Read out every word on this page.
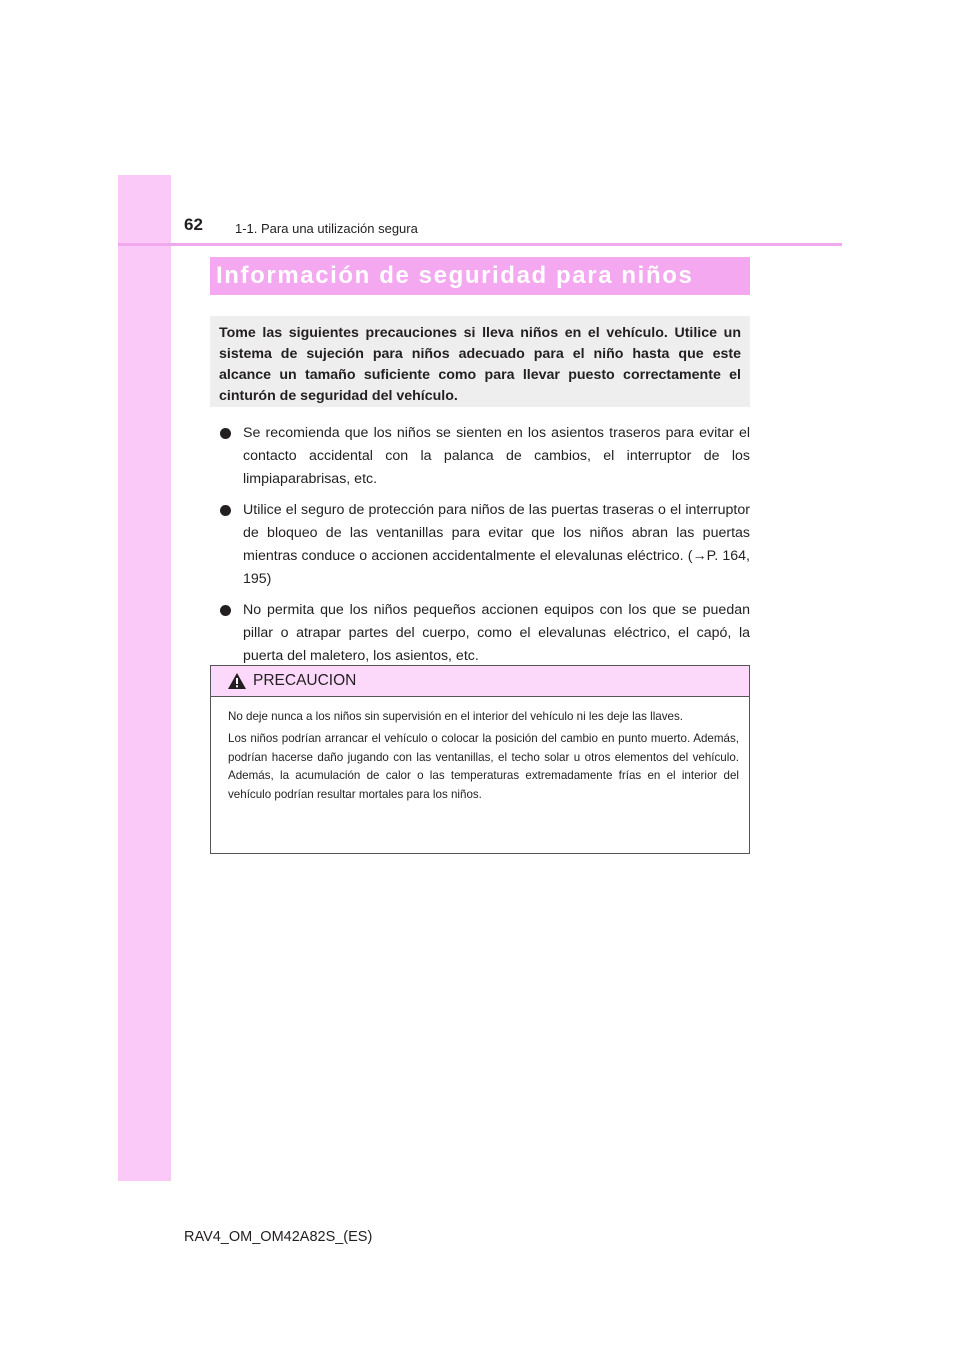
62 1-1. Para una utilización segura
Información de seguridad para niños

Tome las siguientes precauciones si lleva niños en el vehículo. Utilice un sistema de sujeción para niños adecuado para el niño hasta que este alcance un tamaño suficiente como para llevar puesto correctamente el cinturón de seguridad del vehículo.

Se recomienda que los niños se sienten en los asientos traseros para evitar el contacto accidental con la palanca de cambios, el interruptor de los limpiaparabrisas, etc.
Utilice el seguro de protección para niños de las puertas traseras o el interruptor de bloqueo de las ventanillas para evitar que los niños abran las puertas mientras conduce o accionen accidentalmente el elevalunas eléctrico. (→P. 164, 195)
No permita que los niños pequeños accionen equipos con los que se puedan pillar o atrapar partes del cuerpo, como el elevalunas eléctrico, el capó, la puerta del maletero, los asientos, etc.
PRECAUCION

No deje nunca a los niños sin supervisión en el interior del vehículo ni les deje las llaves.

Los niños podrían arrancar el vehículo o colocar la posición del cambio en punto muerto. Además, podrían hacerse daño jugando con las ventanillas, el techo solar u otros elementos del vehículo. Además, la acumulación de calor o las temperaturas extremadamente frías en el interior del vehículo podrían resultar mortales para los niños.

RAV4_OM_OM42A82S_(ES)
